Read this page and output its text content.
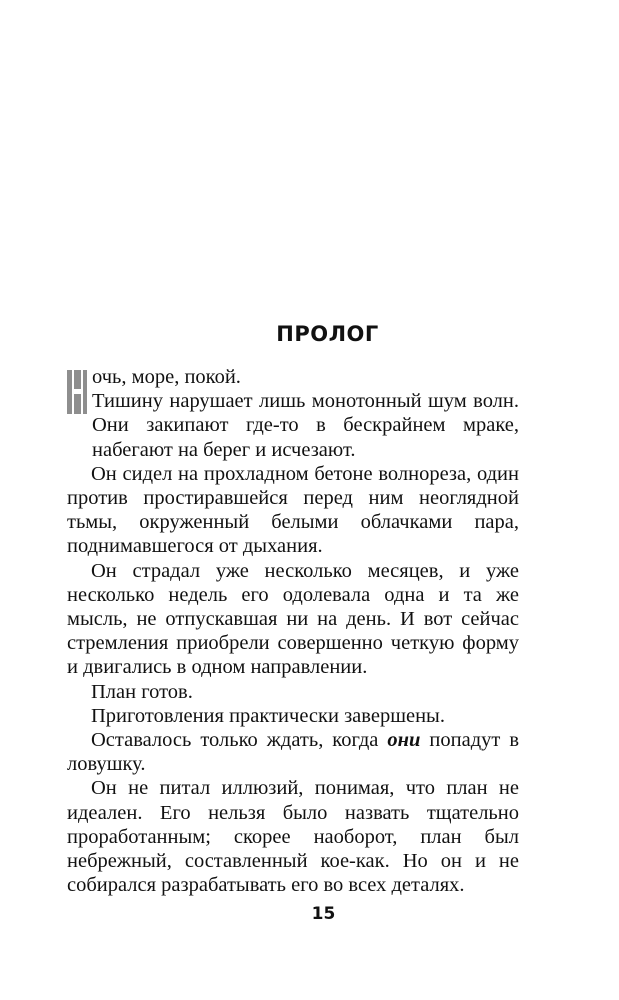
ПРОЛОГ

очь, море, покой.

Тишину нарушает лишь монотонный шум волн. Они закипают где-то в бескрайнем мраке, набегают на берег и исчезают.

Он сидел на прохладном бетоне волнореза, один против простиравшейся перед ним неоглядной тьмы, окруженный белыми облачками пара, поднимавшегося от дыхания.

Он страдал уже несколько месяцев, и уже несколько недель его одолевала одна и та же мысль, не отпускавшая ни на день. И вот сейчас стремления приобрели совершенно четкую форму и двигались в одном направлении.

План готов.

Приготовления практически завершены.

Оставалось только ждать, когда они попадут в ловушку.

Он не питал иллюзий, понимая, что план не идеален. Его нельзя было назвать тщательно проработанным; скорее наоборот, план был небрежный, составленный кое-как. Но он и не собирался разрабатывать его во всех деталях.

15
